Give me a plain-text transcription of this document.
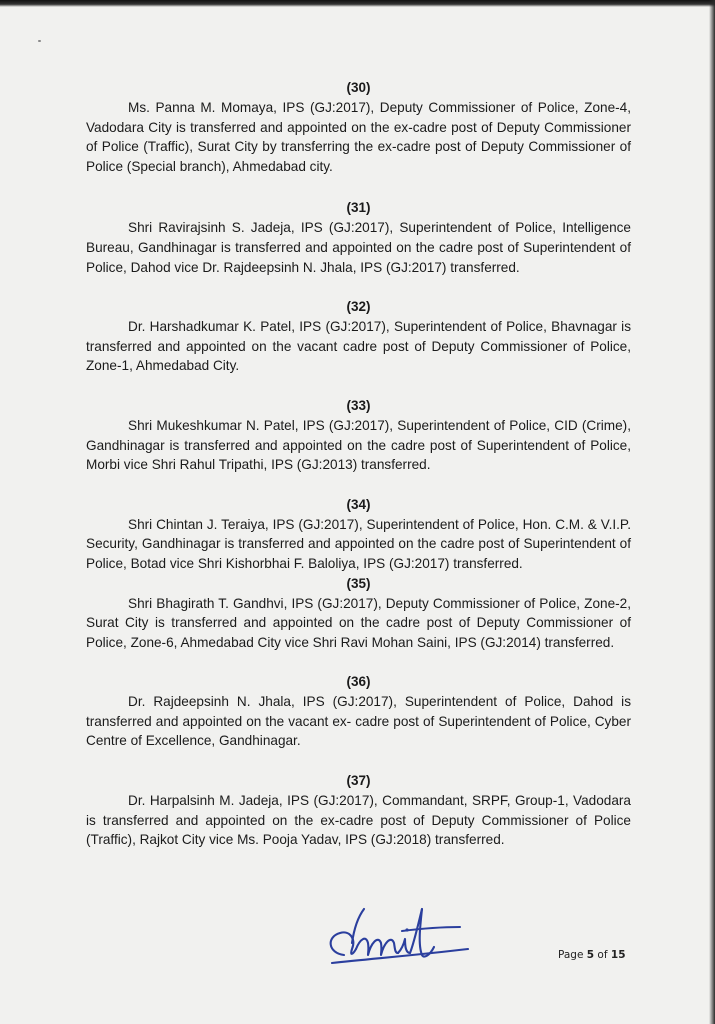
(30)

Ms. Panna M. Momaya, IPS (GJ:2017), Deputy Commissioner of Police, Zone-4, Vadodara City is transferred and appointed on the ex-cadre post of Deputy Commissioner of Police (Traffic), Surat City by transferring the ex-cadre post of Deputy Commissioner of Police (Special branch), Ahmedabad city.

(31)

Shri Ravirajsinh S. Jadeja, IPS (GJ:2017), Superintendent of Police, Intelligence Bureau, Gandhinagar is transferred and appointed on the cadre post of Superintendent of Police, Dahod vice Dr. Rajdeepsinh N. Jhala, IPS (GJ:2017) transferred.

(32)

Dr. Harshadkumar K. Patel, IPS (GJ:2017), Superintendent of Police, Bhavnagar is transferred and appointed on the vacant cadre post of Deputy Commissioner of Police, Zone-1, Ahmedabad City.

(33)

Shri Mukeshkumar N. Patel, IPS (GJ:2017), Superintendent of Police, CID (Crime), Gandhinagar is transferred and appointed on the cadre post of Superintendent of Police, Morbi vice Shri Rahul Tripathi, IPS (GJ:2013) transferred.

(34)

Shri Chintan J. Teraiya, IPS (GJ:2017), Superintendent of Police, Hon. C.M. & V.I.P. Security, Gandhinagar is transferred and appointed on the cadre post of Superintendent of Police, Botad vice Shri Kishorbhai F. Baloliya, IPS (GJ:2017) transferred.

(35)

Shri Bhagirath T. Gandhvi, IPS (GJ:2017), Deputy Commissioner of Police, Zone-2, Surat City is transferred and appointed on the cadre post of Deputy Commissioner of Police, Zone-6, Ahmedabad City vice Shri Ravi Mohan Saini, IPS (GJ:2014) transferred.

(36)

Dr. Rajdeepsinh N. Jhala, IPS (GJ:2017), Superintendent of Police, Dahod is transferred and appointed on the vacant ex- cadre post of Superintendent of Police, Cyber Centre of Excellence, Gandhinagar.

(37)

Dr. Harpalsinh M. Jadeja, IPS (GJ:2017), Commandant, SRPF, Group-1, Vadodara is transferred and appointed on the ex-cadre post of Deputy Commissioner of Police (Traffic), Rajkot City vice Ms. Pooja Yadav, IPS (GJ:2018) transferred.

Page 5 of 15
